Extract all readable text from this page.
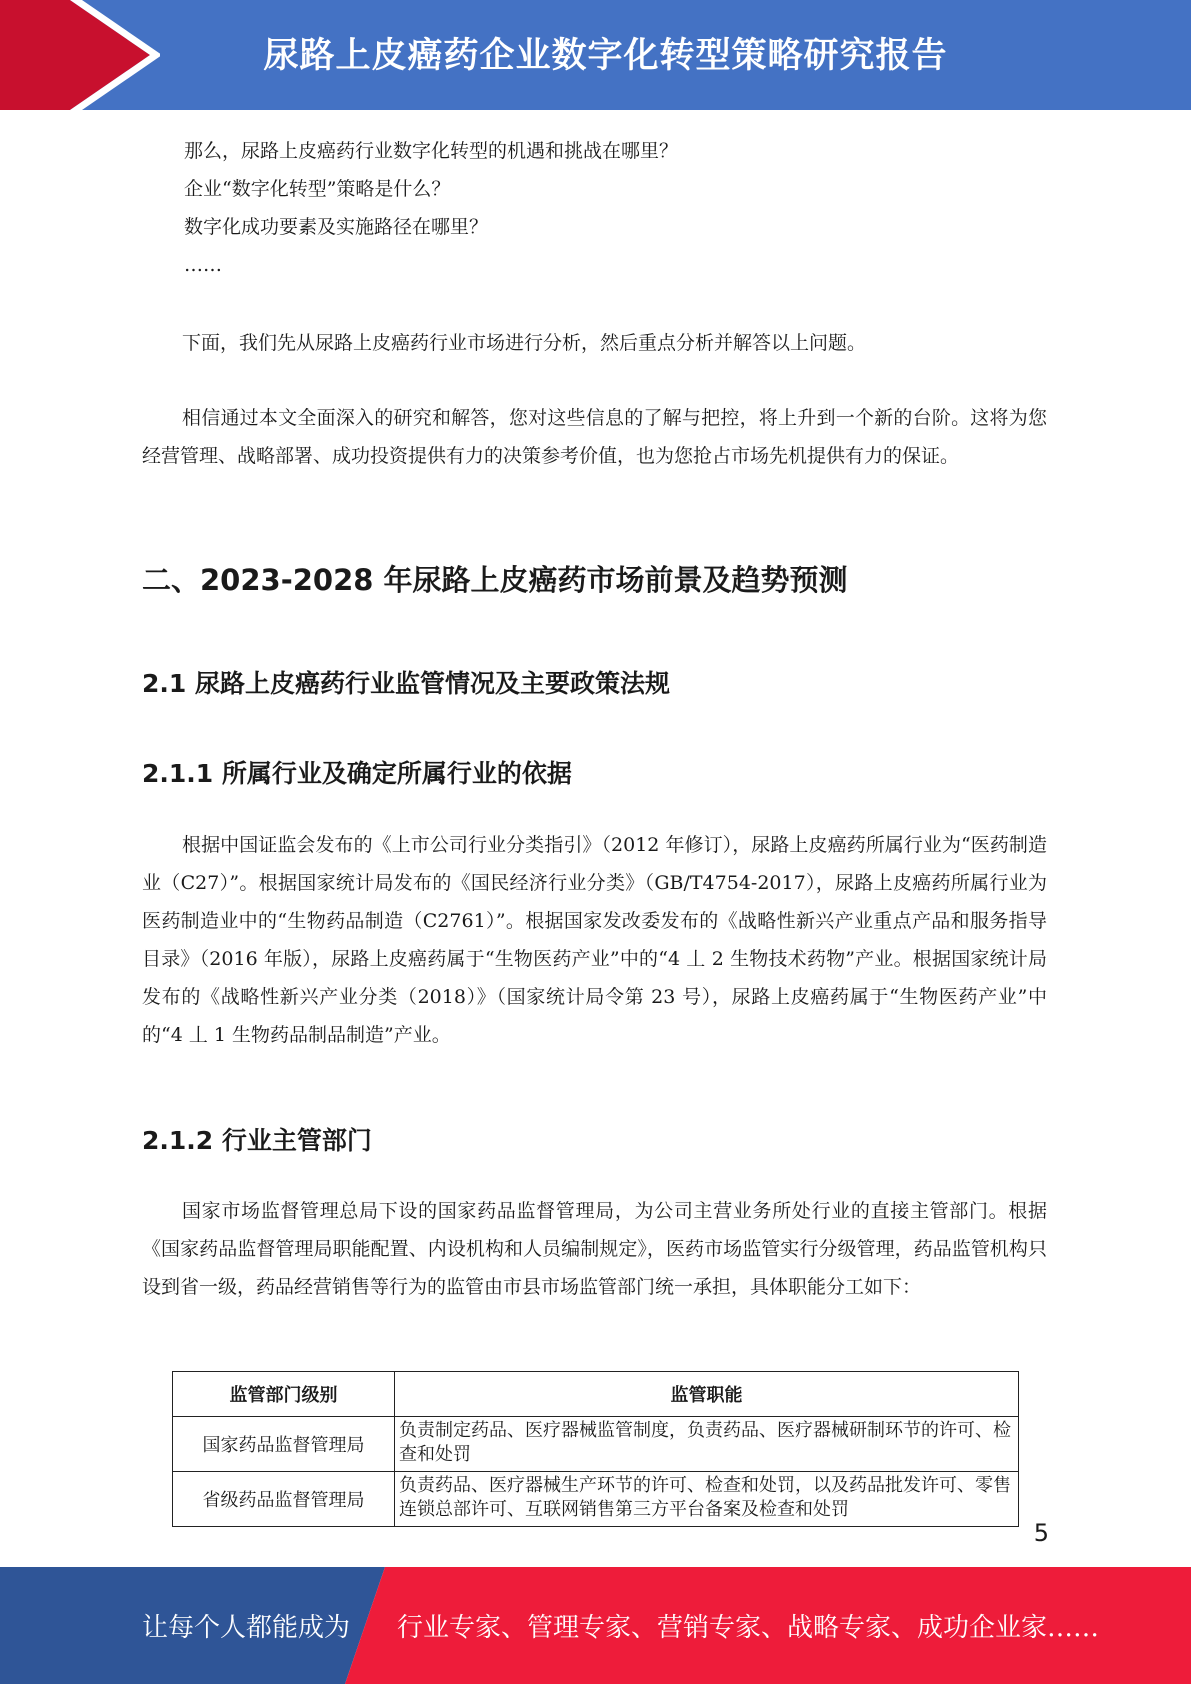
尿路上皮癌药企业数字化转型策略研究报告

那么，尿路上皮癌药行业数字化转型的机遇和挑战在哪里？

企业“数字化转型”策略是什么？

数字化成功要素及实施路径在哪里？

……

下面，我们先从尿路上皮癌药行业市场进行分析，然后重点分析并解答以上问题。

相信通过本文全面深入的研究和解答，您对这些信息的了解与把控，将上升到一个新的台阶。这将为您经营管理、战略部署、成功投资提供有力的决策参考价值，也为您抢占市场先机提供有力的保证。

二、2023-2028 年尿路上皮癌药市场前景及趋势预测
2.1 尿路上皮癌药行业监管情况及主要政策法规
2.1.1 所属行业及确定所属行业的依据

根据中国证监会发布的《上市公司行业分类指引》（2012 年修订），尿路上皮癌药所属行业为“医药制造业（C27）”。根据国家统计局发布的《国民经济行业分类》（GB/T4754-2017），尿路上皮癌药所属行业为医药制造业中的“生物药品制造（C2761）”。根据国家发改委发布的《战略性新兴产业重点产品和服务指导目录》（2016 年版），尿路上皮癌药属于“生物医药产业”中的“4 丄 2 生物技术药物”产业。根据国家统计局发布的《战略性新兴产业分类（2018）》（国家统计局令第 23 号），尿路上皮癌药属于“生物医药产业”中的“4 丄 1 生物药品制品制造”产业。

2.1.2 行业主管部门

国家市场监督管理总局下设的国家药品监督管理局，为公司主营业务所处行业的直接主管部门。根据《国家药品监督管理局职能配置、内设机构和人员编制规定》，医药市场监管实行分级管理，药品监管机构只设到省一级，药品经营销售等行为的监管由市县市场监管部门统一承担，具体职能分工如下：

监管部门级别	监管职能
国家药品监督管理局	负责制定药品、医疗器械监管制度，负责药品、医疗器械研制环节的许可、检查和处罚
省级药品监督管理局	负责药品、医疗器械生产环节的许可、检查和处罚，以及药品批发许可、零售连锁总部许可、互联网销售第三方平台备案及检查和处罚
5
让每个人都能成为 行业专家、管理专家、营销专家、战略专家、成功企业家……
